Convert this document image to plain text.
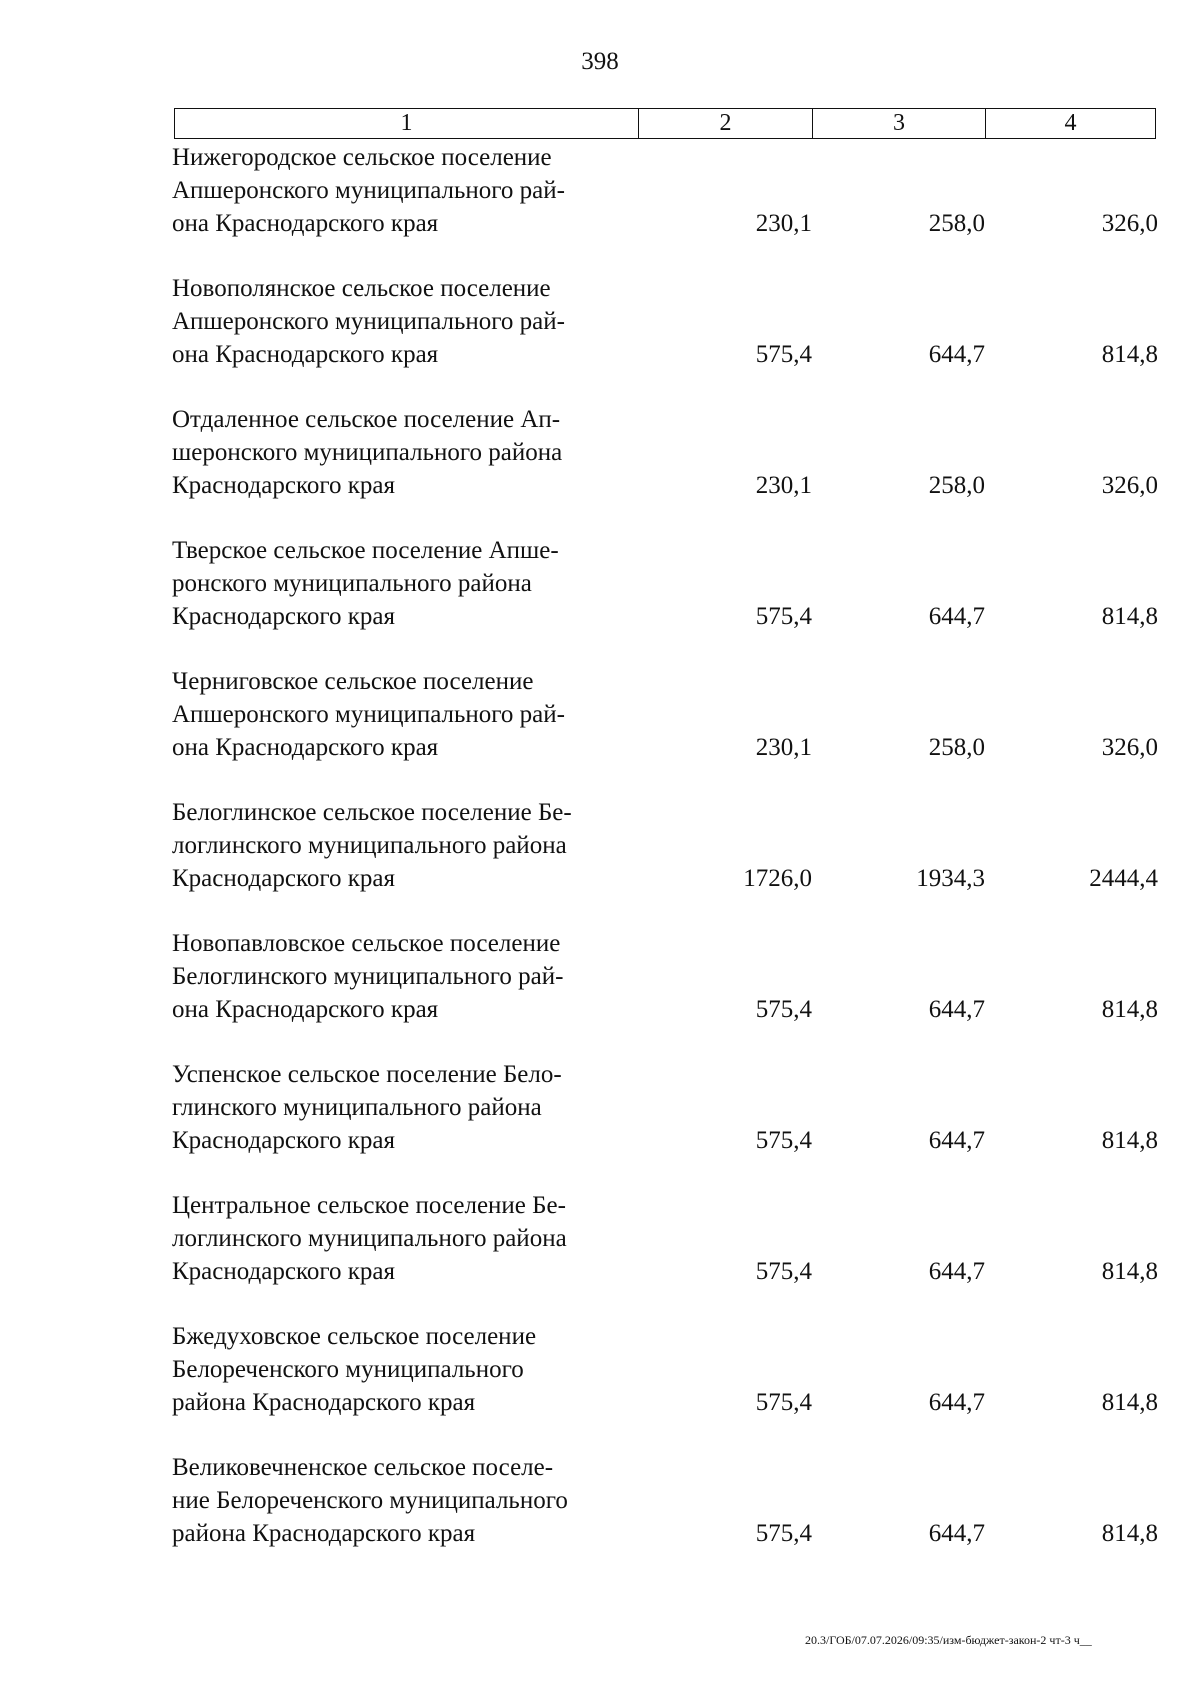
398
1	2	3	4
Нижегородское сельское поселение
Апшеронского муниципального рай-
она Краснодарского края	230,1	258,0	326,0
Новополянское сельское поселение
Апшеронского муниципального рай-
она Краснодарского края	575,4	644,7	814,8
Отдаленное сельское поселение Ап-
шеронского муниципального района
Краснодарского края	230,1	258,0	326,0
Тверское сельское поселение Апше-
ронского муниципального района
Краснодарского края	575,4	644,7	814,8
Черниговское сельское поселение
Апшеронского муниципального рай-
она Краснодарского края	230,1	258,0	326,0
Белоглинское сельское поселение Бе-
логлинского муниципального района
Краснодарского края	1726,0	1934,3	2444,4
Новопавловское сельское поселение
Белоглинского муниципального рай-
она Краснодарского края	575,4	644,7	814,8
Успенское сельское поселение Бело-
глинского муниципального района
Краснодарского края	575,4	644,7	814,8
Центральное сельское поселение Бе-
логлинского муниципального района
Краснодарского края	575,4	644,7	814,8
Бжедуховское сельское поселение
Белореченского муниципального
района Краснодарского края	575,4	644,7	814,8
Великовечненское сельское поселе-
ние Белореченского муниципального
района Краснодарского края	575,4	644,7	814,8
20.3/ГОБ/07.07.2026/09:35/изм-бюджет-закон-2 чт-3 ч__
